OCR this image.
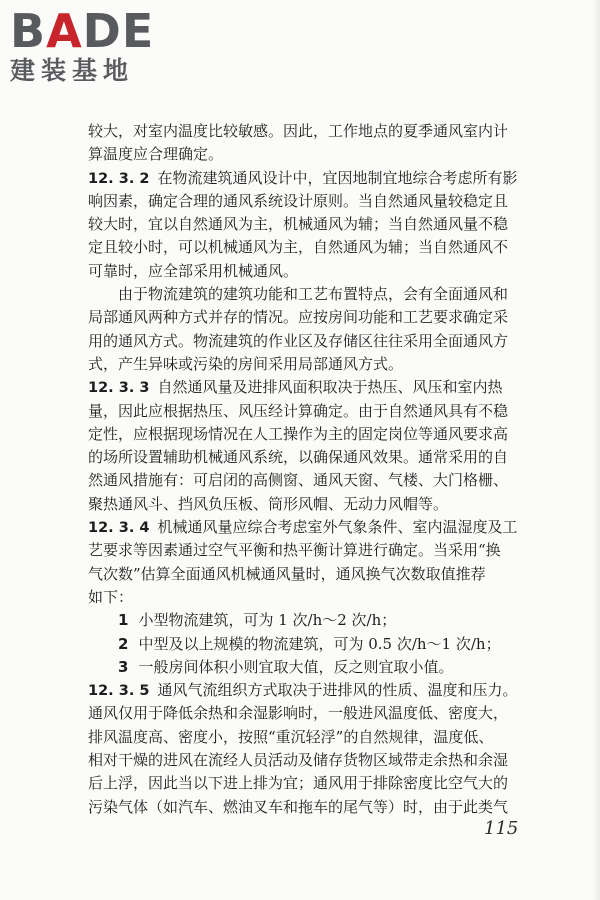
B A DE
建装基地
较大，对室内温度比较敏感。因此，工作地点的夏季通风室内计
算温度应合理确定。
12. 3. 2 在物流建筑通风设计中，宜因地制宜地综合考虑所有影
响因素，确定合理的通风系统设计原则。当自然通风量较稳定且
较大时，宜以自然通风为主，机械通风为辅；当自然通风量不稳
定且较小时，可以机械通风为主，自然通风为辅；当自然通风不
可靠时，应全部采用机械通风。
由于物流建筑的建筑功能和工艺布置特点，会有全面通风和
局部通风两种方式并存的情况。应按房间功能和工艺要求确定采
用的通风方式。物流建筑的作业区及存储区往往采用全面通风方
式，产生异味或污染的房间采用局部通风方式。
12. 3. 3 自然通风量及进排风面积取决于热压、风压和室内热
量，因此应根据热压、风压经计算确定。由于自然通风具有不稳
定性，应根据现场情况在人工操作为主的固定岗位等通风要求高
的场所设置辅助机械通风系统，以确保通风效果。通常采用的自
然通风措施有：可启闭的高侧窗、通风天窗、气楼、大门格栅、
聚热通风斗、挡风负压板、筒形风帽、无动力风帽等。
12. 3. 4 机械通风量应综合考虑室外气象条件、室内温湿度及工
艺要求等因素通过空气平衡和热平衡计算进行确定。当采用“换
气次数”估算全面通风机械通风量时，通风换气次数取值推荐
如下：
1 小型物流建筑，可为 1 次/h～2 次/h；
2 中型及以上规模的物流建筑，可为 0.5 次/h～1 次/h；
3 一般房间体积小则宜取大值，反之则宜取小值。
12. 3. 5 通风气流组织方式取决于进排风的性质、温度和压力。
通风仅用于降低余热和余湿影响时，一般进风温度低、密度大，
排风温度高、密度小，按照“重沉轻浮”的自然规律，温度低、
相对干燥的进风在流经人员活动及储存货物区域带走余热和余湿
后上浮，因此当以下进上排为宜；通风用于排除密度比空气大的
污染气体（如汽车、燃油叉车和拖车的尾气等）时，由于此类气
115
